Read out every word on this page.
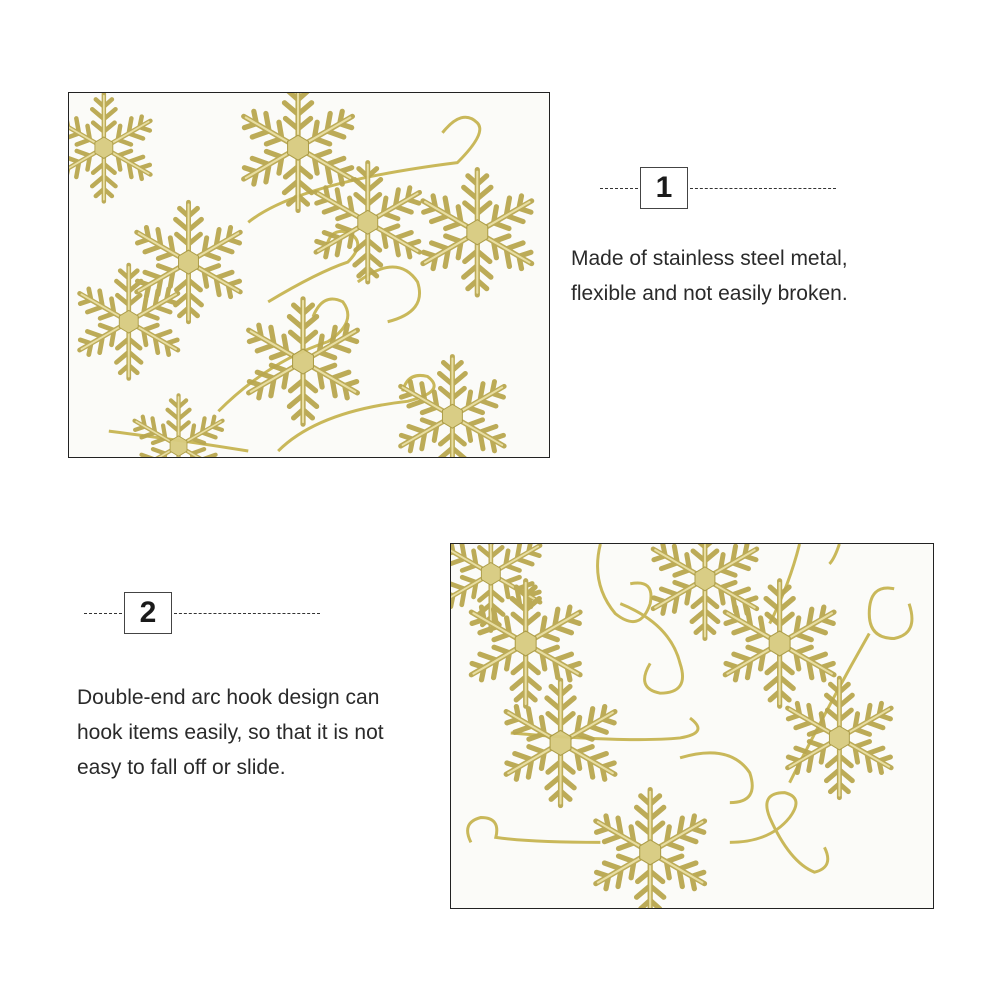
1
Made of stainless steel metal,
flexible and not easily broken.
2
Double-end arc hook design can
hook items easily, so that it is not
easy to fall off or slide.
